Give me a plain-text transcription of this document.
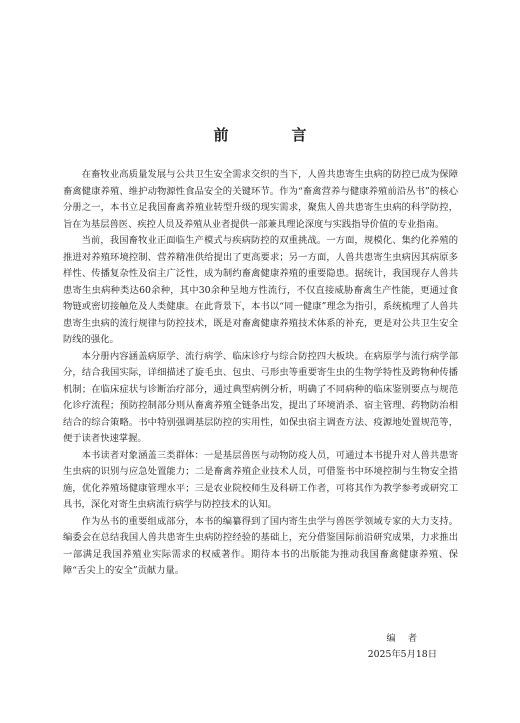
前　言

在畜牧业高质量发展与公共卫生安全需求交织的当下，人兽共患寄生虫病的防控已成为保障畜禽健康养殖、维护动物源性食品安全的关键环节。作为“畜禽营养与健康养殖前沿丛书”的核心分册之一，本书立足我国畜禽养殖业转型升级的现实需求，聚焦人兽共患寄生虫病的科学防控，旨在为基层兽医、疾控人员及养殖从业者提供一部兼具理论深度与实践指导价值的专业指南。

当前，我国畜牧业正面临生产模式与疾病防控的双重挑战。一方面，规模化、集约化养殖的推进对养殖环境控制、营养精准供给提出了更高要求；另一方面，人兽共患寄生虫病因其病原多样性、传播复杂性及宿主广泛性，成为制约畜禽健康养殖的重要隐患。据统计，我国现存人兽共患寄生虫病种类达60余种，其中30余种呈地方性流行，不仅直接威胁畜禽生产性能，更通过食物链或密切接触危及人类健康。在此背景下，本书以“同一健康”理念为指引，系统梳理了人兽共患寄生虫病的流行规律与防控技术，既是对畜禽健康养殖技术体系的补充，更是对公共卫生安全防线的强化。

本分册内容涵盖病原学、流行病学、临床诊疗与综合防控四大板块。在病原学与流行病学部分，结合我国实际，详细描述了旋毛虫、包虫、弓形虫等重要寄生虫的生物学特性及跨物种传播机制；在临床症状与诊断治疗部分，通过典型病例分析，明确了不同病种的临床鉴别要点与规范化诊疗流程；预防控制部分则从畜禽养殖全链条出发，提出了环境消杀、宿主管理、药物防治相结合的综合策略。书中特别强调基层防控的实用性，如保虫宿主调查方法、疫源地处置规范等，便于读者快速掌握。

本书读者对象涵盖三类群体：一是基层兽医与动物防疫人员，可通过本书提升对人兽共患寄生虫病的识别与应急处置能力；二是畜禽养殖企业技术人员，可借鉴书中环境控制与生物安全措施，优化养殖场健康管理水平；三是农业院校师生及科研工作者，可将其作为教学参考或研究工具书，深化对寄生虫病流行病学与防控技术的认知。

作为丛书的重要组成部分，本书的编纂得到了国内寄生虫学与兽医学领域专家的大力支持。编委会在总结我国人兽共患寄生虫病防控经验的基础上，充分借鉴国际前沿研究成果，力求推出一部满足我国养殖业实际需求的权威著作。期待本书的出版能为推动我国畜禽健康养殖、保障“舌尖上的安全”贡献力量。

编者
2025年5月18日
